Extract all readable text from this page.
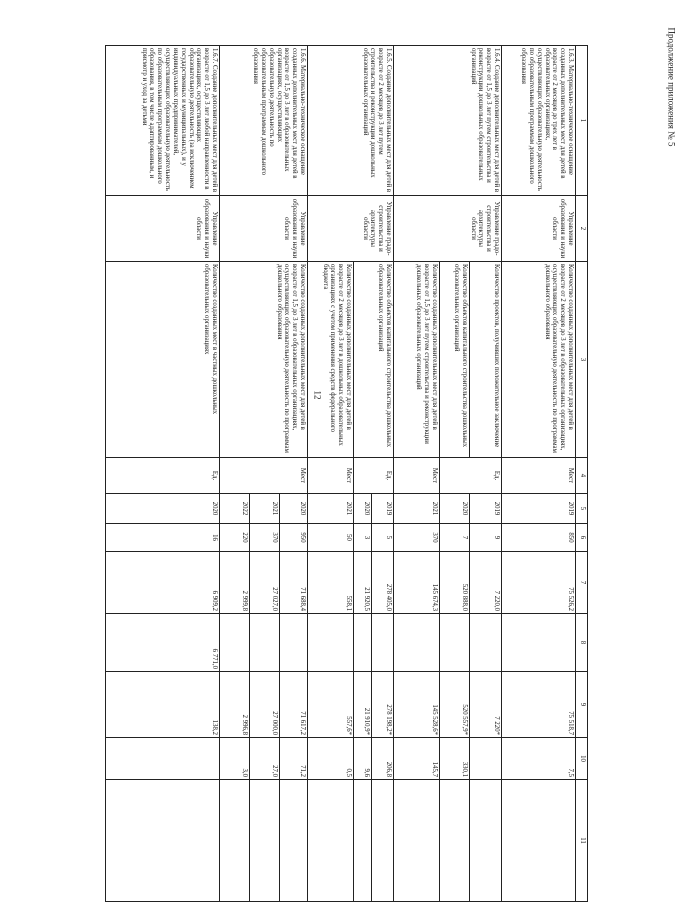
Продолжение приложения № 5
12
1	2	3	4	5	6	7	8	9	10	11
1.6.3. Материально-техническое оснащение созданных дополнительных мест для детей в возрасте от 2 месяцев до трех лет в образовательных организациях, осуществляющих образовательную деятельность по образовательным программам дошкольного образования	Управление образования и науки области	Количество созданных дополнительных мест для детей в возрасте от 2 месяцев до 3 лет в образовательных организациях, осуществляющих образовательную деятельность по программам дошкольного образования	Мест	2019	850	75 526,2		75 518,7	7,5	
1.6.4. Создание дополнительных мест для детей в возрасте от 1,5 до 3 лет путем строительства и реконструкции дошкольных образовательных организаций	Управление градо-строительства и архитектуры области	Количество проектов, получивших положительное заключение	Ед.	2019	9	7 220,0		7 220*		
		Количество объектов капитального строительства дошкольных образовательных организаций		2020	7	520 888,0		520 557,9*	330,1	
		Количество созданных дополнительных мест для детей в возрасте от 1,5 до 3 лет путем строительства и реконструкции дошкольных образовательных организаций	Мест	2021	370	145 674,3		145 528,6*	145,7	
1.6.5. Создание дополнительных мест для детей в возрасте от 2 месяцев до 3 лет путем строительства и реконструкции дошкольных образовательных организаций	Управление градо-строительства и архитектуры области	Количество объектов капитального строительства дошкольных образовательных организаций	Ед.	2019	5	278 405,0		278 198,2*	206,8	
				2020	3	21 920,5		21 910,9*	9,6	
		Количество созданных дополнительных мест для детей в возрасте от 2 месяцев до 3 лет в дошкольных образовательных организациях с учетом применения средств федерального бюджета	Мест	2021	50	558,1		557,6*	0,5	
1.6.6. Материально-техническое оснащение созданных дополнительных мест для детей в возрасте от 1,5 до 3 лет в образовательных организациях, осуществляющих образовательную деятельность по образовательным программам дошкольного образования	Управление образования и науки области	Количество созданных дополнительных мест для детей в возрасте от 1,5 до 3 лет в образовательных организациях, осуществляющих образовательную деятельность по программам дошкольного образования	Мест	2020	950	71 688,4		71 617,2	71,2	
				2021	370	27 027,0		27 000,0	27,0	
				2022	220	2 999,8		2 996,8	3,0	
1.6.7. Создание дополнительных мест для детей в возрасте от 1,5 до 3 лет любой направленности в организациях, осуществляющих образовательную деятельность (за исключением государственных и муниципальных), и у индивидуальных предпринимателей, осуществляющих образовательную деятельность по образовательным программам дошкольного образования, в том числе адаптированным, и присмотр и уход за детьми	Управление образования и науки области	Количество созданных мест в частных дошкольных образовательных организациях	Ед.	2020	16	6 909,2	6 771,0	138,2		
